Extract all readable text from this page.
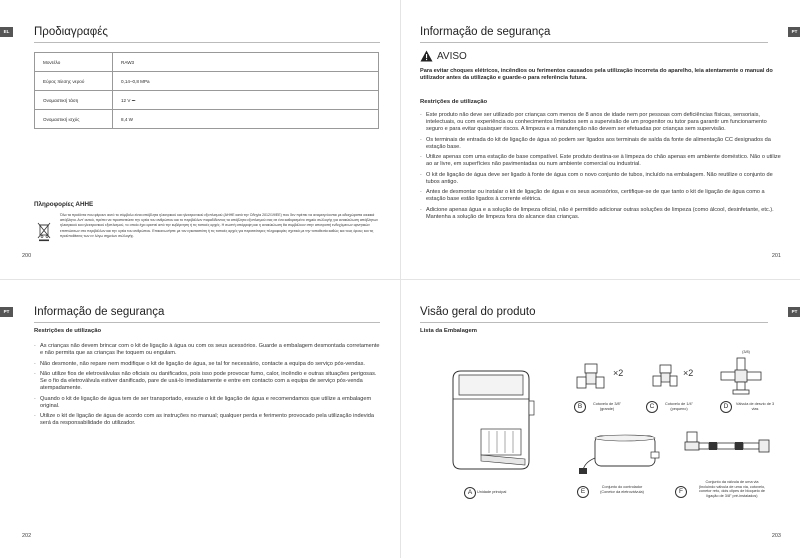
EL	Προδιαγραφές
Μοντέλο	RAW3
Εύρος πίεσης νερού	0,14–0,8 MPa
Ονομαστική τάση	12 V ⎓
Ονομαστική ισχύς	8,4 W
Πληροφορίες ΑΗΗΕ
Όλα τα προϊόντα που φέρουν αυτό το σύμβολο είναι απόβλητα ηλεκτρικού και ηλεκτρονικού εξοπλισμού (ΑΗΗΕ κατά την Οδηγία 2012/19/ΕΕ) που δεν πρέπει να αναμειγνύονται με αδιαχώριστα οικιακά απόβλητα. Αντ' αυτού, πρέπει να προστατεύετε την υγεία του ανθρώπου και το περιβάλλον παραδίδοντας τα απόβλητα εξοπλισμού σας σε ένα καθορισμένο σημείο συλλογής για ανακύκλωση απόβλητων ηλεκτρικού και ηλεκτρονικού εξοπλισμού, το οποίο έχει οριστεί από την κυβέρνηση ή τις τοπικές αρχές. Η σωστή απόρριψη και η ανακύκλωση θα συμβάλουν στην αποτροπή ενδεχόμενων αρνητικών επιπτώσεων στο περιβάλλον και την υγεία του ανθρώπου. Επικοινωνήστε με τον εγκαταστάτη ή τις τοπικές αρχές για περισσότερες πληροφορίες σχετικά με την τοποθεσία καθώς και τους όρους και τις προϋποθέσεις των εν λόγω σημείων συλλογής.
200
PT
Informação de segurança
AVISO
Para evitar choques elétricos, incêndios ou ferimentos causados pela utilização incorreta do aparelho, leia atentamente o manual do utilizador antes da utilização e guarde-o para referência futura.
Restrições de utilização
· Este produto não deve ser utilizado por crianças com menos de 8 anos de idade nem por pessoas com deficiências físicas, sensoriais, intelectuais, ou com experiência ou conhecimentos limitados sem a supervisão de um progenitor ou tutor para garantir um funcionamento seguro e para evitar quaisquer riscos. A limpeza e a manutenção não devem ser efetuadas por crianças sem supervisão.
· Os terminais de entrada do kit de ligação de água só podem ser ligados aos terminais de saída da fonte de alimentação CC designados da estação base.
· Utilize apenas com uma estação de base compatível. Este produto destina-se à limpeza do chão apenas em ambiente doméstico. Não o utilize ao ar livre, em superfícies não pavimentadas ou num ambiente comercial ou industrial.
· O kit de ligação de água deve ser ligado à fonte de água com o novo conjunto de tubos, incluído na embalagem. Não reutilize o conjunto de tubos antigo.
· Antes de desmontar ou instalar o kit de ligação de água e os seus acessórios, certifique-se de que tanto o kit de ligação de água como a estação base estão ligados à corrente elétrica.
· Adicione apenas água e a solução de limpeza oficial, não é permitido adicionar outras soluções de limpeza (como álcool, desinfetante, etc.). Mantenha a solução de limpeza fora do alcance das crianças.
201
PT	Informação de segurança
Restrições de utilização
· As crianças não devem brincar com o kit de ligação à água ou com os seus acessórios. Guarde a embalagem desmontada corretamente e não permita que as crianças lhe toquem ou engulam.
· Não desmonte, não repare nem modifique o kit de ligação de água, se tal for necessário, contacte a equipa do serviço pós-vendas.
· Não utilize fios de eletroválvulas não oficiais ou danificados, pois isso pode provocar fumo, calor, incêndio e outras situações perigosas. Se o fio da eletroválvula estiver danificado, pare de usá-lo imediatamente e entre em contacto com a equipa de serviço pós-venda atempadamente.
· Quando o kit de ligação de água tem de ser transportado, esvazie o kit de ligação de água e recomendamos que utilize a embalagem original.
· Utilize o kit de ligação de água de acordo com as instruções no manual; qualquer perda e ferimento provocado pela utilização indevida será da responsabilidade do utilizador.
202
PT
Visão geral do produto
Lista da Embalagem
A	Unidade principal
×2
B	Cotovelo de 3/8"
(grande)
×2
C	Cotovelo de 1/4"
(pequeno)
(3/8)
D	Válvula de desvio de 3
vias
E
Conjunto do controlador
(Conetor da eletroválvula)	F
Conjunto da válvula de uma via
(Incluindo válvula de uma via, cotovelo,
conetor reto, dois clipes de bloqueio de
ligação de 3/8" pré-instalados)
203
